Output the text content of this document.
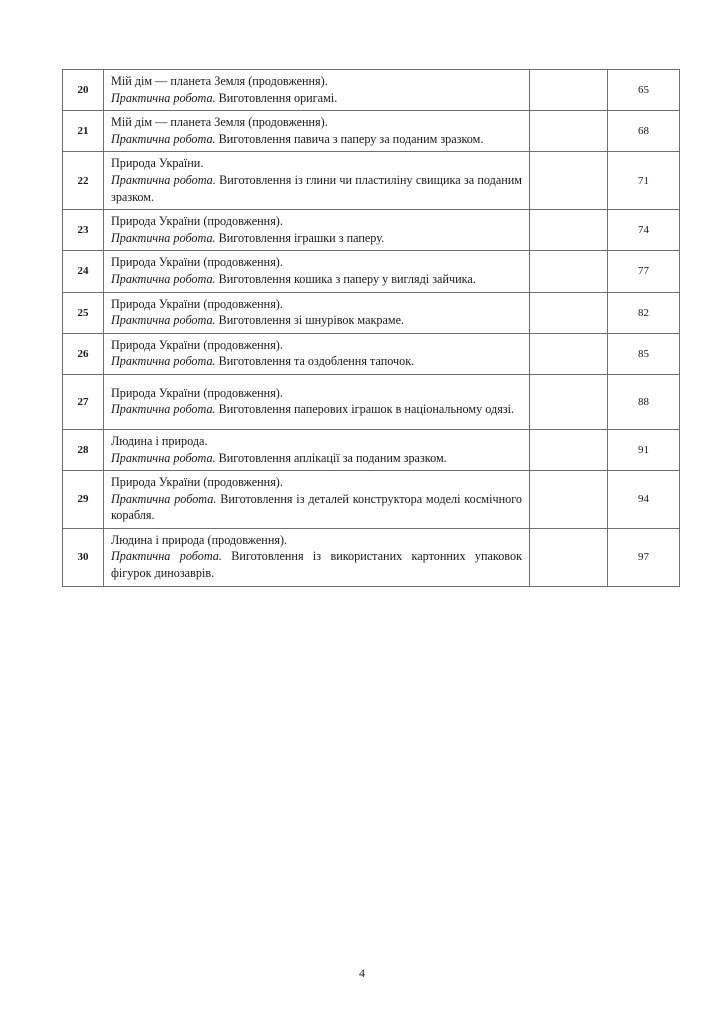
20	Мій дім — планета Земля (продовження).
Практична робота. Виготовлення оригамі.		65
21	Мій дім — планета Земля (продовження).
Практична робота. Виготовлення павича з паперу за поданим зразком.		68
22	Природа України.
Практична робота. Виготовлення із глини чи пластиліну свищика за поданим зразком.		71
23	Природа України (продовження).
Практична робота. Виготовлення іграшки з паперу.		74
24	Природа України (продовження).
Практична робота. Виготовлення кошика з паперу у вигляді зайчика.		77
25	Природа України (продовження).
Практична робота. Виготовлення зі шнурівок макраме.		82
26	Природа України (продовження).
Практична робота. Виготовлення та оздоблення тапочок.		85
27	Природа України (продовження).
Практична робота. Виготовлення паперових іграшок в національному одязі.		88
28	Людина і природа.
Практична робота. Виготовлення аплікації за поданим зразком.		91
29	Природа України (продовження).
Практична робота. Виготовлення із деталей конструктора моделі космічного корабля.		94
30	Людина і природа (продовження).
Практична робота. Виготовлення із використаних картонних упаковок фігурок динозаврів.		97
4
